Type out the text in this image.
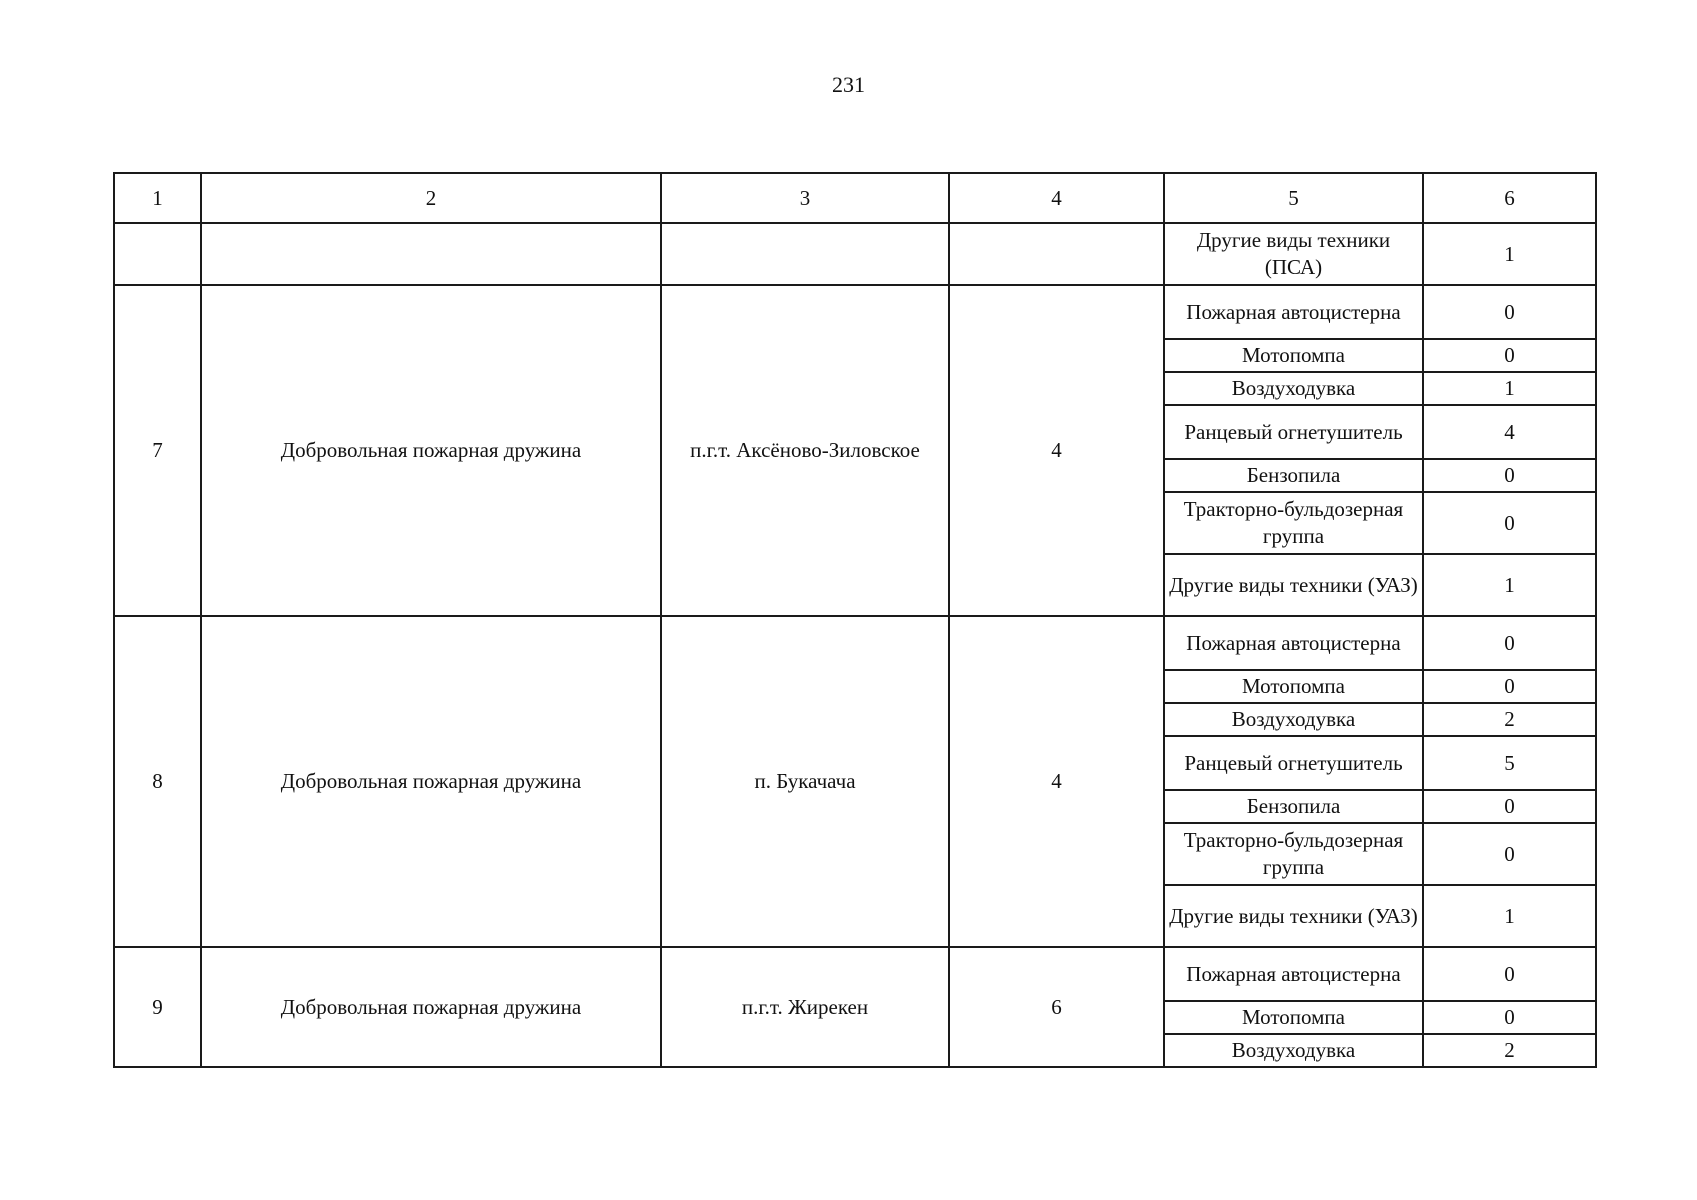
231
1	2	3	4	5	6
				Другие виды техники (ПСА)	1
7	Добровольная пожарная дружина	п.г.т. Аксёново-Зиловское	4	Пожарная автоцистерна	0
				Мотопомпа	0
				Воздуходувка	1
				Ранцевый огнетушитель	4
				Бензопила	0
				Тракторно-бульдозерная группа	0
				Другие виды техники (УАЗ)	1
8	Добровольная пожарная дружина	п. Букачача	4	Пожарная автоцистерна	0
				Мотопомпа	0
				Воздуходувка	2
				Ранцевый огнетушитель	5
				Бензопила	0
				Тракторно-бульдозерная группа	0
				Другие виды техники (УАЗ)	1
9	Добровольная пожарная дружина	п.г.т. Жирекен	6	Пожарная автоцистерна	0
				Мотопомпа	0
				Воздуходувка	2
